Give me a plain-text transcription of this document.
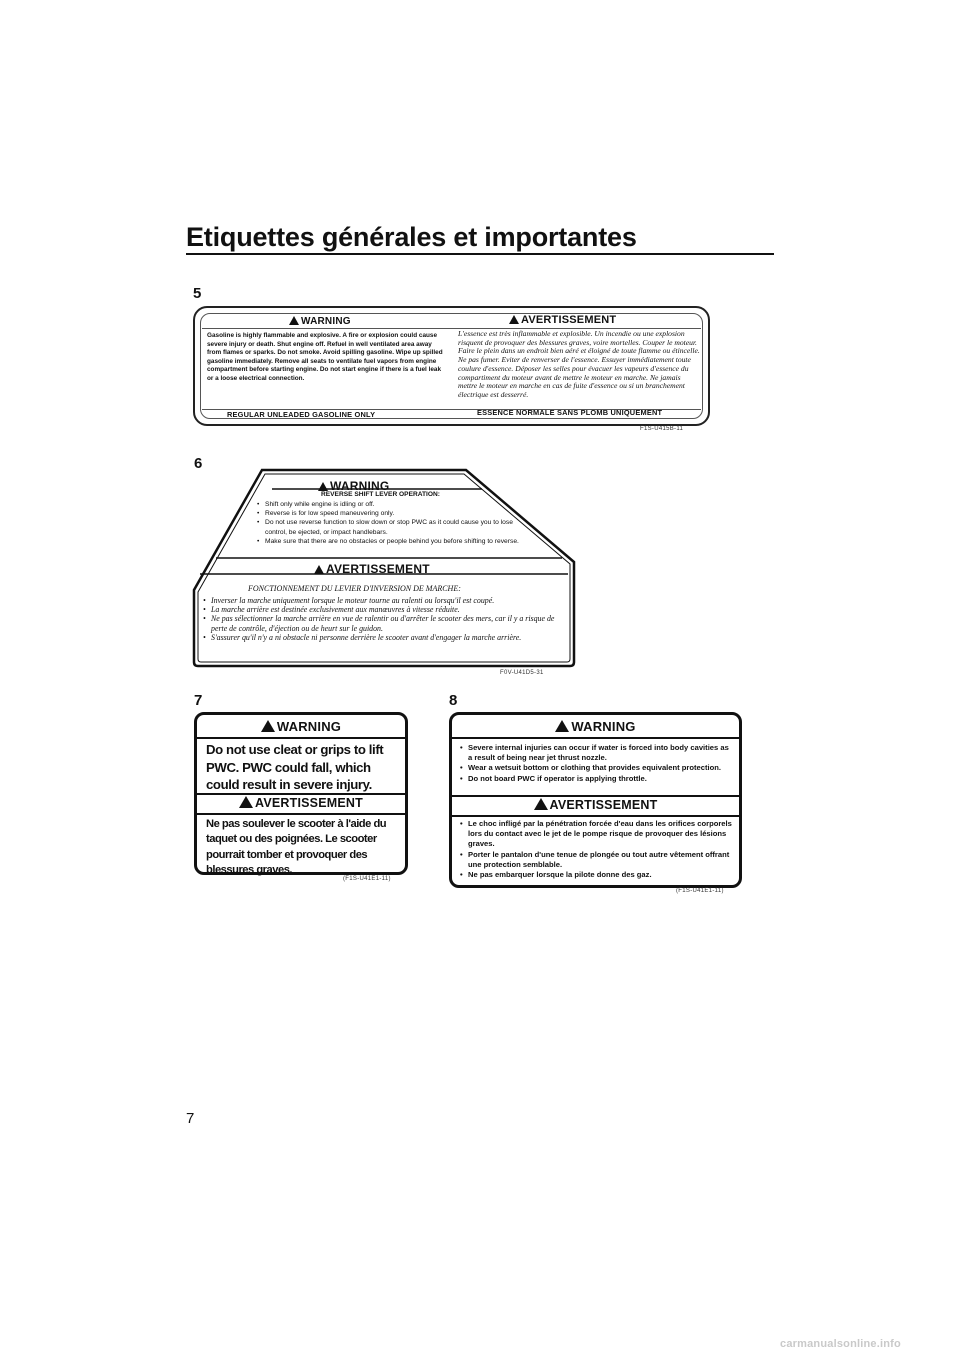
Etiquettes générales et importantes
5
WARNING	AVERTISSEMENT
Gasoline is highly flammable and explosive. A fire or explosion could cause severe injury or death. Shut engine off. Refuel in well ventilated area away from flames or sparks. Do not smoke. Avoid spilling gasoline. Wipe up spilled gasoline immediately. Remove all seats to ventilate fuel vapors from engine compartment before starting engine. Do not start engine if there is a fuel leak or a loose electrical connection.
L'essence est très inflammable et explosible. Un incendie ou une explosion risquent de provoquer des blessures graves, voire mortelles. Couper le moteur. Faire le plein dans un endroit bien aéré et éloigné de toute flamme ou étincelle. Ne pas fumer. Eviter de renverser de l'essence. Essuyer immédiatement toute coulure d'essence. Déposer les selles pour évacuer les vapeurs d'essence du compartiment du moteur avant de mettre le moteur en marche. Ne jamais mettre le moteur en marche en cas de fuite d'essence ou si un branchement électrique est desserré.
REGULAR UNLEADED GASOLINE ONLY	ESSENCE NORMALE SANS PLOMB UNIQUEMENT
F1S-U415B-11
6
WARNING
REVERSE SHIFT LEVER OPERATION:
• Shift only while engine is idling or off.
• Reverse is for low speed maneuvering only.
• Do not use reverse function to slow down or stop PWC as it could cause you to lose control, be ejected, or impact handlebars.
• Make sure that there are no obstacles or people behind you before shifting to reverse.
AVERTISSEMENT
FONCTIONNEMENT DU LEVIER D'INVERSION DE MARCHE:
• Inverser la marche uniquement lorsque le moteur tourne au ralenti ou lorsqu'il est coupé.
• La marche arrière est destinée exclusivement aux manœuvres à vitesse réduite.
• Ne pas sélectionner la marche arrière en vue de ralentir ou d'arrêter le scooter des mers, car il y a risque de perte de contrôle, d'éjection ou de heurt sur le guidon.
• S'assurer qu'il n'y a ni obstacle ni personne derrière le scooter avant d'engager la marche arrière.
F0V-U41D5-31
7
WARNING
Do not use cleat or grips to lift PWC. PWC could fall, which could result in severe injury.
AVERTISSEMENT
Ne pas soulever le scooter à l'aide du taquet ou des poignées. Le scooter pourrait tomber et provoquer des blessures graves.
(F1S-U41E1-11)
8
WARNING
• Severe internal injuries can occur if water is forced into body cavities as a result of being near jet thrust nozzle.
• Wear a wetsuit bottom or clothing that provides equivalent protection.
• Do not board PWC if operator is applying throttle.
AVERTISSEMENT
• Le choc infligé par la pénétration forcée d'eau dans les orifices corporels lors du contact avec le jet de le pompe risque de provoquer des lésions graves.
• Porter le pantalon d'une tenue de plongée ou tout autre vêtement offrant une protection semblable.
• Ne pas embarquer lorsque la pilote donne des gaz.
(F1S-U41E1-11)
7
carmanualsonline.info
